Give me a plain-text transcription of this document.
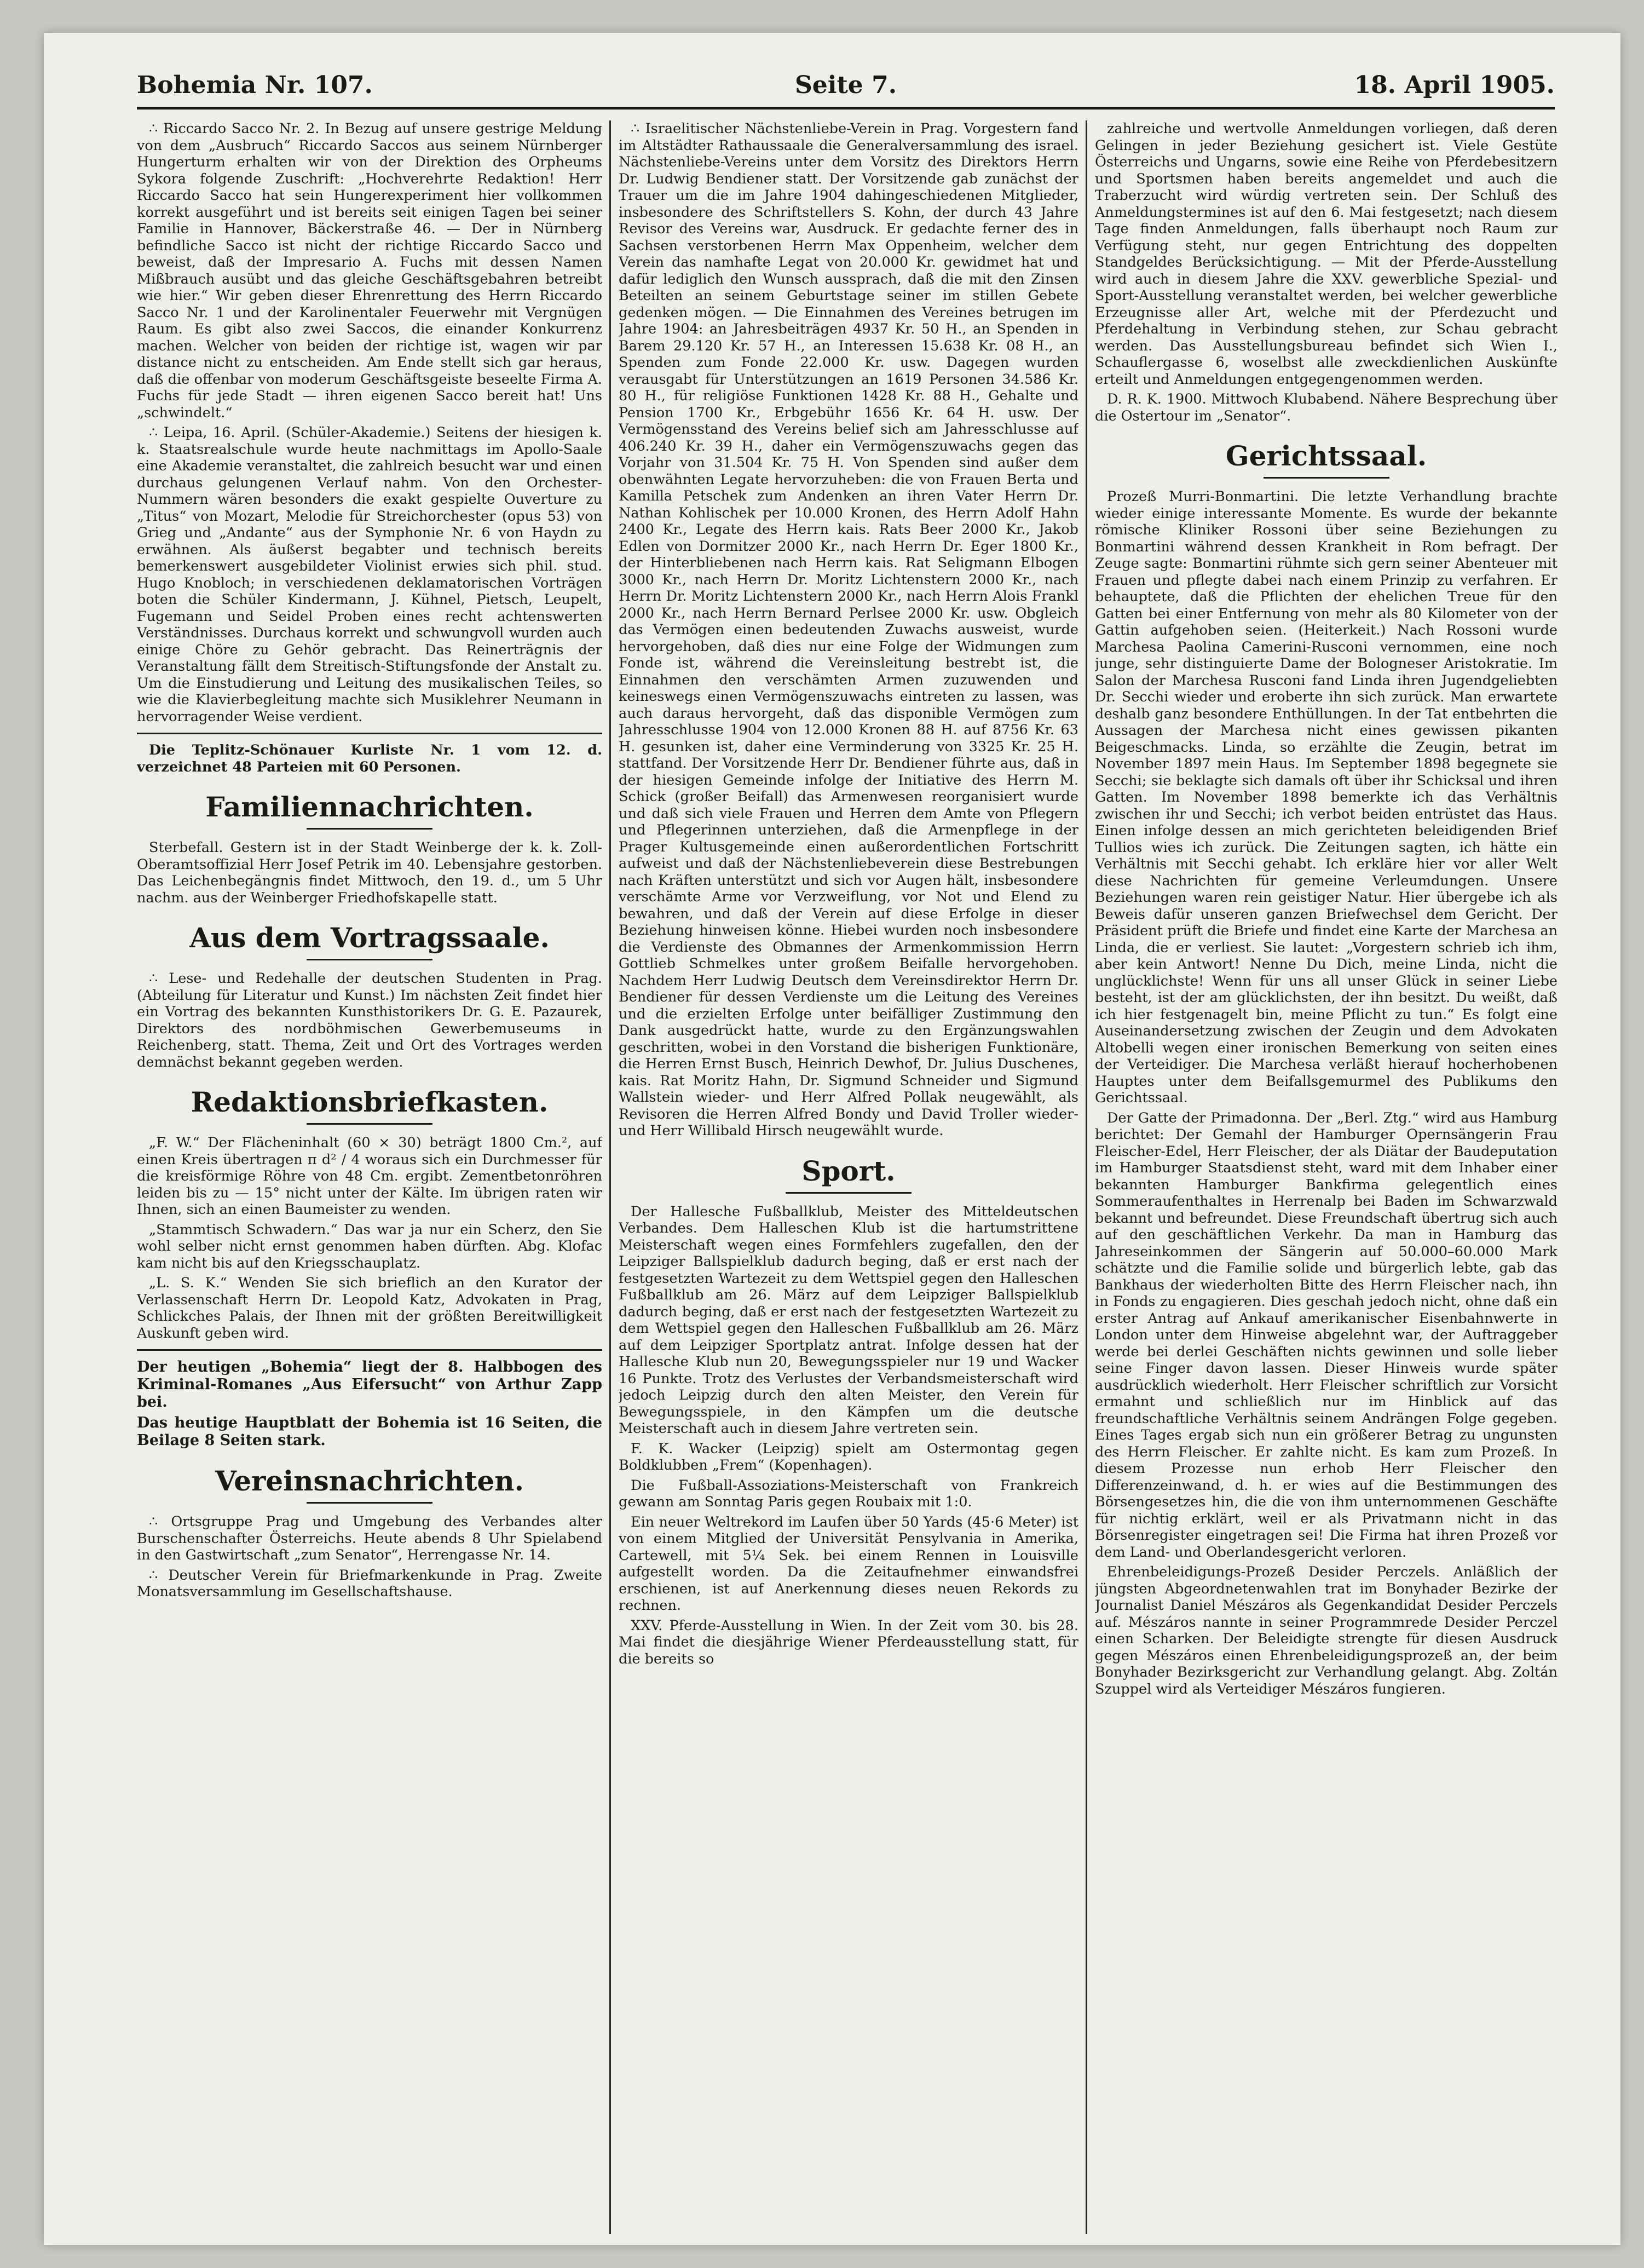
Bohemia Nr. 107.	Seite 7.	18. April 1905.

∴ Riccardo Sacco Nr. 2. In Bezug auf unsere gestrige Meldung von dem „Ausbruch“ Riccardo Saccos aus seinem Nürnberger Hungerturm erhalten wir von der Direktion des Orpheums Sykora folgende Zuschrift: „Hochverehrte Redaktion! Herr Riccardo Sacco hat sein Hungerexperiment hier vollkommen korrekt ausgeführt und ist bereits seit einigen Tagen bei seiner Familie in Hannover, Bäckerstraße 46. — Der in Nürnberg befindliche Sacco ist nicht der richtige Riccardo Sacco und beweist, daß der Impresario A. Fuchs mit dessen Namen Mißbrauch ausübt und das gleiche Geschäftsgebahren betreibt wie hier.“ Wir geben dieser Ehrenrettung des Herrn Riccardo Sacco Nr. 1 und der Karolinentaler Feuerwehr mit Vergnügen Raum. Es gibt also zwei Saccos, die einander Konkurrenz machen. Welcher von beiden der richtige ist, wagen wir par distance nicht zu entscheiden. Am Ende stellt sich gar heraus, daß die offenbar von moderum Geschäftsgeiste beseelte Firma A. Fuchs für jede Stadt — ihren eigenen Sacco bereit hat! Uns „schwindelt.“

∴ Leipa, 16. April. (Schüler-Akademie.) Seitens der hiesigen k. k. Staatsrealschule wurde heute nachmittags im Apollo-Saale eine Akademie veranstaltet, die zahlreich besucht war und einen durchaus gelungenen Verlauf nahm. Von den Orchester-Nummern wären besonders die exakt gespielte Ouverture zu „Titus“ von Mozart, Melodie für Streichorchester (opus 53) von Grieg und „Andante“ aus der Symphonie Nr. 6 von Haydn zu erwähnen. Als äußerst begabter und technisch bereits bemerkenswert ausgebildeter Violinist erwies sich phil. stud. Hugo Knobloch; in verschiedenen deklamatorischen Vorträgen boten die Schüler Kindermann, J. Kühnel, Pietsch, Leupelt, Fugemann und Seidel Proben eines recht achtenswerten Verständnisses. Durchaus korrekt und schwungvoll wurden auch einige Chöre zu Gehör gebracht. Das Reinerträgnis der Veranstaltung fällt dem Streitisch-Stiftungsfonde der Anstalt zu. Um die Einstudierung und Leitung des musikalischen Teiles, so wie die Klavierbegleitung machte sich Musiklehrer Neumann in hervorragender Weise verdient.

Die Teplitz-Schönauer Kurliste Nr. 1 vom 12. d. verzeichnet 48 Parteien mit 60 Personen.

Familiennachrichten.

Sterbefall. Gestern ist in der Stadt Weinberge der k. k. Zoll-Oberamtsoffizial Herr Josef Petrik im 40. Lebensjahre gestorben. Das Leichenbegängnis findet Mittwoch, den 19. d., um 5 Uhr nachm. aus der Weinberger Friedhofskapelle statt.

Aus dem Vortragssaale.

∴ Lese- und Redehalle der deutschen Studenten in Prag. (Abteilung für Literatur und Kunst.) Im nächsten Zeit findet hier ein Vortrag des bekannten Kunsthistorikers Dr. G. E. Pazaurek, Direktors des nordböhmischen Gewerbemuseums in Reichenberg, statt. Thema, Zeit und Ort des Vortrages werden demnächst bekannt gegeben werden.

Redaktionsbriefkasten.

„F. W.“ Der Flächeninhalt (60 × 30) beträgt 1800 Cm.², auf einen Kreis übertragen π d² / 4 woraus sich ein Durchmesser für die kreisförmige Röhre von 48 Cm. ergibt. Zementbetonröhren leiden bis zu — 15° nicht unter der Kälte. Im übrigen raten wir Ihnen, sich an einen Baumeister zu wenden.

„Stammtisch Schwadern.“ Das war ja nur ein Scherz, den Sie wohl selber nicht ernst genommen haben dürften. Abg. Klofac kam nicht bis auf den Kriegsschauplatz.

„L. S. K.“ Wenden Sie sich brieflich an den Kurator der Verlassenschaft Herrn Dr. Leopold Katz, Advokaten in Prag, Schlickches Palais, der Ihnen mit der größten Bereitwilligkeit Auskunft geben wird.

Der heutigen „Bohemia“ liegt der 8. Halbbogen des Kriminal-Romanes „Aus Eifersucht“ von Arthur Zapp bei.

Das heutige Hauptblatt der Bohemia ist 16 Seiten, die Beilage 8 Seiten stark.

Vereinsnachrichten.

∴ Ortsgruppe Prag und Umgebung des Verbandes alter Burschenschafter Österreichs. Heute abends 8 Uhr Spielabend in den Gastwirtschaft „zum Senator“, Herrengasse Nr. 14.

∴ Deutscher Verein für Briefmarkenkunde in Prag. Zweite Monatsversammlung im Gesellschaftshause.

∴ Israelitischer Nächstenliebe-Verein in Prag. Vorgestern fand im Altstädter Rathaussaale die Generalversammlung des israel. Nächstenliebe-Vereins unter dem Vorsitz des Direktors Herrn Dr. Ludwig Bendiener statt. Der Vorsitzende gab zunächst der Trauer um die im Jahre 1904 dahingeschiedenen Mitglieder, insbesondere des Schriftstellers S. Kohn, der durch 43 Jahre Revisor des Vereins war, Ausdruck. Er gedachte ferner des in Sachsen verstorbenen Herrn Max Oppenheim, welcher dem Verein das namhafte Legat von 20.000 Kr. gewidmet hat und dafür lediglich den Wunsch aussprach, daß die mit den Zinsen Beteilten an seinem Geburtstage seiner im stillen Gebete gedenken mögen. — Die Einnahmen des Vereines betrugen im Jahre 1904: an Jahresbeiträgen 4937 Kr. 50 H., an Spenden in Barem 29.120 Kr. 57 H., an Interessen 15.638 Kr. 08 H., an Spenden zum Fonde 22.000 Kr. usw. Dagegen wurden verausgabt für Unterstützungen an 1619 Personen 34.586 Kr. 80 H., für religiöse Funktionen 1428 Kr. 88 H., Gehalte und Pension 1700 Kr., Erbgebühr 1656 Kr. 64 H. usw. Der Vermögensstand des Vereins belief sich am Jahresschlusse auf 406.240 Kr. 39 H., daher ein Vermögenszuwachs gegen das Vorjahr von 31.504 Kr. 75 H. Von Spenden sind außer dem obenwähnten Legate hervorzuheben: die von Frauen Berta und Kamilla Petschek zum Andenken an ihren Vater Herrn Dr. Nathan Kohlischek per 10.000 Kronen, des Herrn Adolf Hahn 2400 Kr., Legate des Herrn kais. Rats Beer 2000 Kr., Jakob Edlen von Dormitzer 2000 Kr., nach Herrn Dr. Eger 1800 Kr., der Hinterbliebenen nach Herrn kais. Rat Seligmann Elbogen 3000 Kr., nach Herrn Dr. Moritz Lichtenstern 2000 Kr., nach Herrn Dr. Moritz Lichtenstern 2000 Kr., nach Herrn Alois Frankl 2000 Kr., nach Herrn Bernard Perlsee 2000 Kr. usw. Obgleich das Vermögen einen bedeutenden Zuwachs ausweist, wurde hervorgehoben, daß dies nur eine Folge der Widmungen zum Fonde ist, während die Vereinsleitung bestrebt ist, die Einnahmen den verschämten Armen zuzuwenden und keineswegs einen Vermögenszuwachs eintreten zu lassen, was auch daraus hervorgeht, daß das disponible Vermögen zum Jahresschlusse 1904 von 12.000 Kronen 88 H. auf 8756 Kr. 63 H. gesunken ist, daher eine Verminderung von 3325 Kr. 25 H. stattfand. Der Vorsitzende Herr Dr. Bendiener führte aus, daß in der hiesigen Gemeinde infolge der Initiative des Herrn M. Schick (großer Beifall) das Armenwesen reorganisiert wurde und daß sich viele Frauen und Herren dem Amte von Pflegern und Pflegerinnen unterziehen, daß die Armenpflege in der Prager Kultusgemeinde einen außerordentlichen Fortschritt aufweist und daß der Nächstenliebeverein diese Bestrebungen nach Kräften unterstützt und sich vor Augen hält, insbesondere verschämte Arme vor Verzweiflung, vor Not und Elend zu bewahren, und daß der Verein auf diese Erfolge in dieser Beziehung hinweisen könne. Hiebei wurden noch insbesondere die Verdienste des Obmannes der Armenkommission Herrn Gottlieb Schmelkes unter großem Beifalle hervorgehoben. Nachdem Herr Ludwig Deutsch dem Vereinsdirektor Herrn Dr. Bendiener für dessen Verdienste um die Leitung des Vereines und die erzielten Erfolge unter beifälliger Zustimmung den Dank ausgedrückt hatte, wurde zu den Ergänzungswahlen geschritten, wobei in den Vorstand die bisherigen Funktionäre, die Herren Ernst Busch, Heinrich Dewhof, Dr. Julius Duschenes, kais. Rat Moritz Hahn, Dr. Sigmund Schneider und Sigmund Wallstein wieder- und Herr Alfred Pollak neugewählt, als Revisoren die Herren Alfred Bondy und David Troller wieder- und Herr Willibald Hirsch neugewählt wurde.

Sport.

Der Hallesche Fußballklub, Meister des Mitteldeutschen Verbandes. Dem Halleschen Klub ist die hartumstrittene Meisterschaft wegen eines Formfehlers zugefallen, den der Leipziger Ballspielklub dadurch beging, daß er erst nach der festgesetzten Wartezeit zu dem Wettspiel gegen den Halleschen Fußballklub am 26. März auf dem Leipziger Ballspielklub dadurch beging, daß er erst nach der festgesetzten Wartezeit zu dem Wettspiel gegen den Halleschen Fußballklub am 26. März auf dem Leipziger Sportplatz antrat. Infolge dessen hat der Hallesche Klub nun 20, Bewegungsspieler nur 19 und Wacker 16 Punkte. Trotz des Verlustes der Verbandsmeisterschaft wird jedoch Leipzig durch den alten Meister, den Verein für Bewegungsspiele, in den Kämpfen um die deutsche Meisterschaft auch in diesem Jahre vertreten sein.

F. K. Wacker (Leipzig) spielt am Ostermontag gegen Boldklubben „Frem“ (Kopenhagen).

Die Fußball-Assoziations-Meisterschaft von Frankreich gewann am Sonntag Paris gegen Roubaix mit 1:0.

Ein neuer Weltrekord im Laufen über 50 Yards (45·6 Meter) ist von einem Mitglied der Universität Pensylvania in Amerika, Cartewell, mit 5¼ Sek. bei einem Rennen in Louisville aufgestellt worden. Da die Zeitaufnehmer einwandsfrei erschienen, ist auf Anerkennung dieses neuen Rekords zu rechnen.

XXV. Pferde-Ausstellung in Wien. In der Zeit vom 30. bis 28. Mai findet die diesjährige Wiener Pferdeausstellung statt, für die bereits so

zahlreiche und wertvolle Anmeldungen vorliegen, daß deren Gelingen in jeder Beziehung gesichert ist. Viele Gestüte Österreichs und Ungarns, sowie eine Reihe von Pferdebesitzern und Sportsmen haben bereits angemeldet und auch die Traberzucht wird würdig vertreten sein. Der Schluß des Anmeldungstermines ist auf den 6. Mai festgesetzt; nach diesem Tage finden Anmeldungen, falls überhaupt noch Raum zur Verfügung steht, nur gegen Entrichtung des doppelten Standgeldes Berücksichtigung. — Mit der Pferde-Ausstellung wird auch in diesem Jahre die XXV. gewerbliche Spezial- und Sport-Ausstellung veranstaltet werden, bei welcher gewerbliche Erzeugnisse aller Art, welche mit der Pferdezucht und Pferdehaltung in Verbindung stehen, zur Schau gebracht werden. Das Ausstellungsbureau befindet sich Wien I., Schauflergasse 6, woselbst alle zweckdienlichen Auskünfte erteilt und Anmeldungen entgegengenommen werden.

D. R. K. 1900. Mittwoch Klubabend. Nähere Besprechung über die Ostertour im „Senator“.

Gerichtssaal.

Prozeß Murri-Bonmartini. Die letzte Verhandlung brachte wieder einige interessante Momente. Es wurde der bekannte römische Kliniker Rossoni über seine Beziehungen zu Bonmartini während dessen Krankheit in Rom befragt. Der Zeuge sagte: Bonmartini rühmte sich gern seiner Abenteuer mit Frauen und pflegte dabei nach einem Prinzip zu verfahren. Er behauptete, daß die Pflichten der ehelichen Treue für den Gatten bei einer Entfernung von mehr als 80 Kilometer von der Gattin aufgehoben seien. (Heiterkeit.) Nach Rossoni wurde Marchesa Paolina Camerini-Rusconi vernommen, eine noch junge, sehr distinguierte Dame der Bologneser Aristokratie. Im Salon der Marchesa Rusconi fand Linda ihren Jugendgeliebten Dr. Secchi wieder und eroberte ihn sich zurück. Man erwartete deshalb ganz besondere Enthüllungen. In der Tat entbehrten die Aussagen der Marchesa nicht eines gewissen pikanten Beigeschmacks. Linda, so erzählte die Zeugin, betrat im November 1897 mein Haus. Im September 1898 begegnete sie Secchi; sie beklagte sich damals oft über ihr Schicksal und ihren Gatten. Im November 1898 bemerkte ich das Verhältnis zwischen ihr und Secchi; ich verbot beiden entrüstet das Haus. Einen infolge dessen an mich gerichteten beleidigenden Brief Tullios wies ich zurück. Die Zeitungen sagten, ich hätte ein Verhältnis mit Secchi gehabt. Ich erkläre hier vor aller Welt diese Nachrichten für gemeine Verleumdungen. Unsere Beziehungen waren rein geistiger Natur. Hier übergebe ich als Beweis dafür unseren ganzen Briefwechsel dem Gericht. Der Präsident prüft die Briefe und findet eine Karte der Marchesa an Linda, die er verliest. Sie lautet: „Vorgestern schrieb ich ihm, aber kein Antwort! Nenne Du Dich, meine Linda, nicht die unglücklichste! Wenn für uns all unser Glück in seiner Liebe besteht, ist der am glücklichsten, der ihn besitzt. Du weißt, daß ich hier festgenagelt bin, meine Pflicht zu tun.“ Es folgt eine Auseinandersetzung zwischen der Zeugin und dem Advokaten Altobelli wegen einer ironischen Bemerkung von seiten eines der Verteidiger. Die Marchesa verläßt hierauf hocherhobenen Hauptes unter dem Beifallsgemurmel des Publikums den Gerichtssaal.

Der Gatte der Primadonna. Der „Berl. Ztg.“ wird aus Hamburg berichtet: Der Gemahl der Hamburger Opernsängerin Frau Fleischer-Edel, Herr Fleischer, der als Diätar der Baudeputation im Hamburger Staatsdienst steht, ward mit dem Inhaber einer bekannten Hamburger Bankfirma gelegentlich eines Sommeraufenthaltes in Herrenalp bei Baden im Schwarzwald bekannt und befreundet. Diese Freundschaft übertrug sich auch auf den geschäftlichen Verkehr. Da man in Hamburg das Jahreseinkommen der Sängerin auf 50.000–60.000 Mark schätzte und die Familie solide und bürgerlich lebte, gab das Bankhaus der wiederholten Bitte des Herrn Fleischer nach, ihn in Fonds zu engagieren. Dies geschah jedoch nicht, ohne daß ein erster Antrag auf Ankauf amerikanischer Eisenbahnwerte in London unter dem Hinweise abgelehnt war, der Auftraggeber werde bei derlei Geschäften nichts gewinnen und solle lieber seine Finger davon lassen. Dieser Hinweis wurde später ausdrücklich wiederholt. Herr Fleischer schriftlich zur Vorsicht ermahnt und schließlich nur im Hinblick auf das freundschaftliche Verhältnis seinem Andrängen Folge gegeben. Eines Tages ergab sich nun ein größerer Betrag zu ungunsten des Herrn Fleischer. Er zahlte nicht. Es kam zum Prozeß. In diesem Prozesse nun erhob Herr Fleischer den Differenzeinwand, d. h. er wies auf die Bestimmungen des Börsengesetzes hin, die die von ihm unternommenen Geschäfte für nichtig erklärt, weil er als Privatmann nicht in das Börsenregister eingetragen sei! Die Firma hat ihren Prozeß vor dem Land- und Oberlandesgericht verloren.

Ehrenbeleidigungs-Prozeß Desider Perczels. Anläßlich der jüngsten Abgeordnetenwahlen trat im Bonyhader Bezirke der Journalist Daniel Mészáros als Gegenkandidat Desider Perczels auf. Mészáros nannte in seiner Programmrede Desider Perczel einen Scharken. Der Beleidigte strengte für diesen Ausdruck gegen Mészáros einen Ehrenbeleidigungsprozeß an, der beim Bonyhader Bezirksgericht zur Verhandlung gelangt. Abg. Zoltán Szuppel wird als Verteidiger Mészáros fungieren.
